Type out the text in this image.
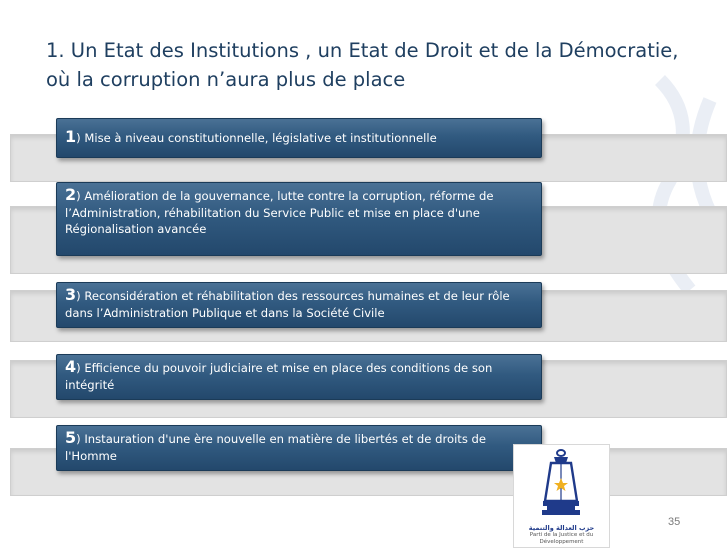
1. Un Etat des Institutions , un Etat de Droit et de la Démocratie,
où la corruption n’aura plus de place
1) Mise à niveau constitutionnelle, législative et institutionnelle
2) Amélioration de la gouvernance, lutte contre la corruption, réforme de l’Administration, réhabilitation du Service Public et mise en place d'une Régionalisation avancée
3) Reconsidération et réhabilitation des ressources humaines et de leur rôle dans l’Administration Publique et dans la Société Civile
4) Efficience du pouvoir judiciaire et mise en place des conditions de son intégrité
5) Instauration d'une ère nouvelle en matière de libertés et de droits de l'Homme
حزب العدالة والتنمية
Parti de la Justice et du Développement
35
